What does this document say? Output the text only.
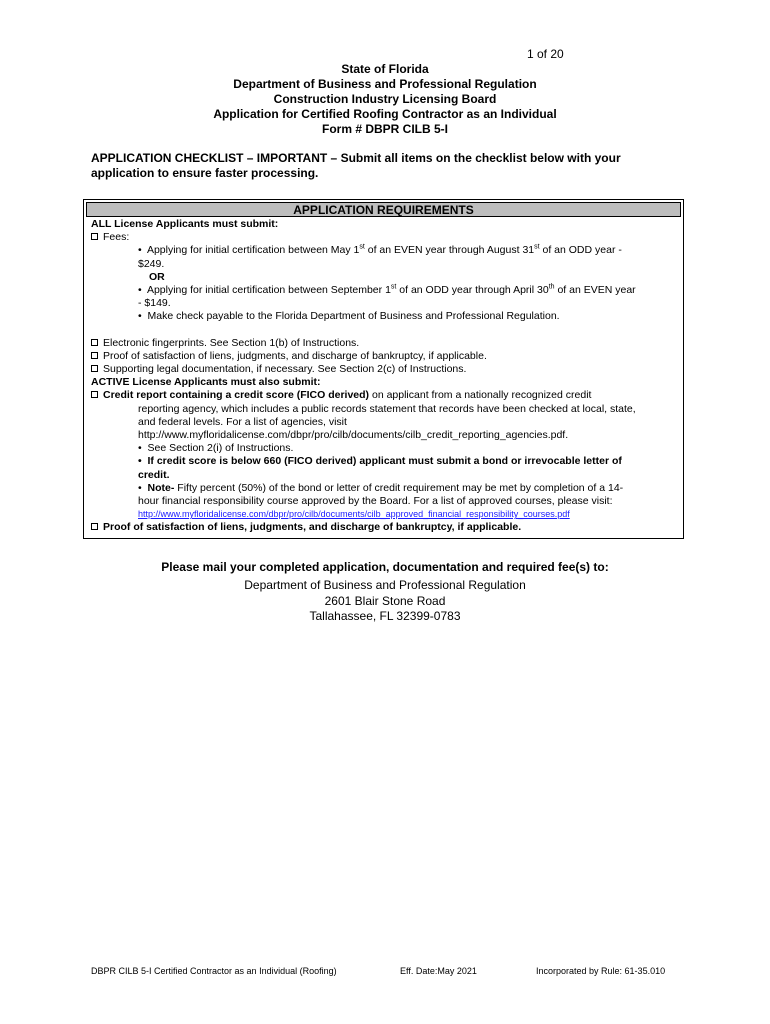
1 of 20
State of Florida
Department of Business and Professional Regulation
Construction Industry Licensing Board
Application for Certified Roofing Contractor as an Individual
Form # DBPR CILB 5-I
APPLICATION CHECKLIST – IMPORTANT – Submit all items on the checklist below with your application to ensure faster processing.
APPLICATION REQUIREMENTS

ALL License Applicants must submit:

Fees:

•  Applying for initial certification between May 1st of an EVEN year through August 31st of an ODD year -

$249.

OR

•  Applying for initial certification between September 1st of an ODD year through April 30th of an EVEN year

- $149.

•  Make check payable to the Florida Department of Business and Professional Regulation.

Electronic fingerprints. See Section 1(b) of Instructions.

Proof of satisfaction of liens, judgments, and discharge of bankruptcy, if applicable.

Supporting legal documentation, if necessary. See Section 2(c) of Instructions.

ACTIVE License Applicants must also submit:

Credit report containing a credit score (FICO derived) on applicant from a nationally recognized credit

reporting agency, which includes a public records statement that records have been checked at local, state,

and federal levels. For a list of agencies, visit

http://www.myfloridalicense.com/dbpr/pro/cilb/documents/cilb_credit_reporting_agencies.pdf.

•  See Section 2(i) of Instructions.

•  If credit score is below 660 (FICO derived) applicant must submit a bond or irrevocable letter of

credit.

•  Note- Fifty percent (50%) of the bond or letter of credit requirement may be met by completion of a 14-

hour financial responsibility course approved by the Board. For a list of approved courses, please visit:

http://www.myfloridalicense.com/dbpr/pro/cilb/documents/cilb_approved_financial_responsibility_courses.pdf

Proof of satisfaction of liens, judgments, and discharge of bankruptcy, if applicable.

Please mail your completed application, documentation and required fee(s) to:
Department of Business and Professional Regulation
2601 Blair Stone Road
Tallahassee, FL 32399-0783
DBPR CILB 5-I Certified Contractor as an Individual (Roofing)	Eff. Date:May 2021	Incorporated by Rule: 61-35.010
